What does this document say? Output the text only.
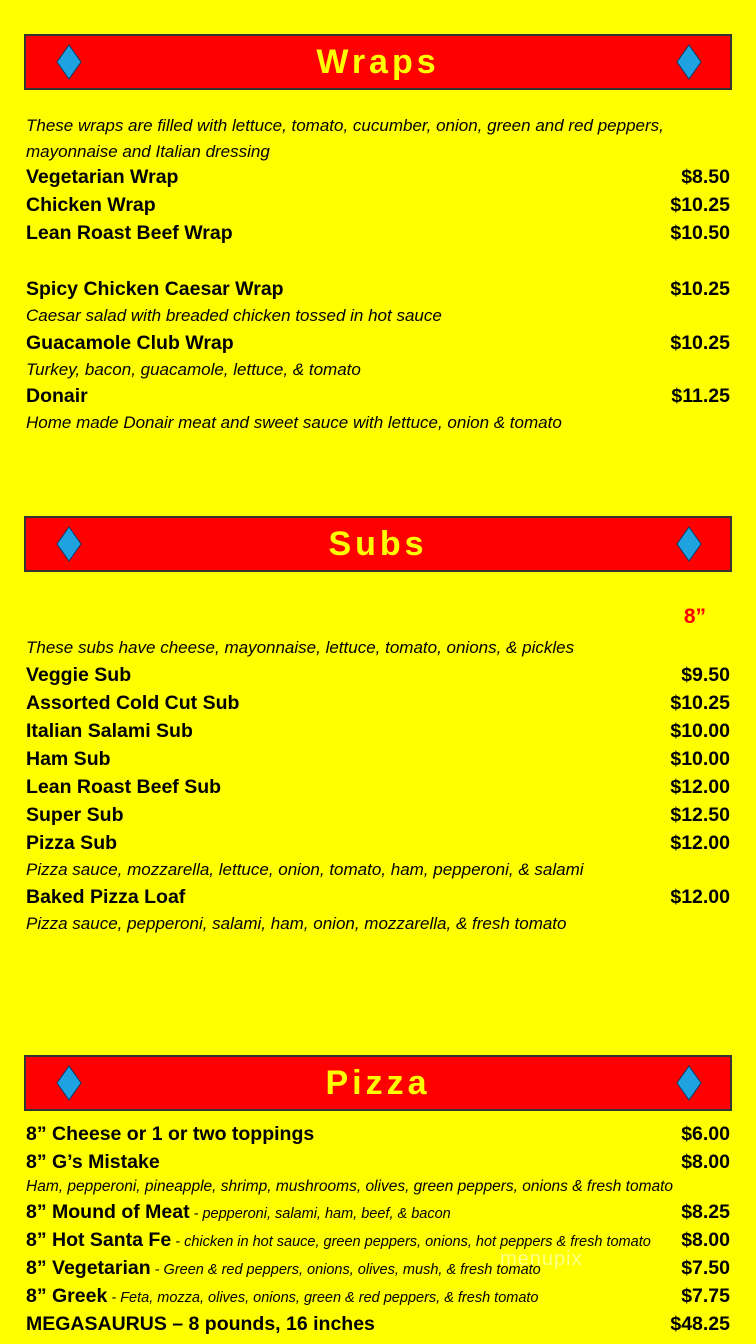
Wraps
These wraps are filled with lettuce, tomato, cucumber, onion, green and red peppers,
mayonnaise and Italian dressing
Vegetarian Wrap	$8.50
Chicken Wrap	$10.25
Lean Roast Beef Wrap	$10.50
Spicy Chicken Caesar Wrap	$10.25
Caesar salad with breaded chicken tossed in hot sauce
Guacamole Club Wrap	$10.25
Turkey, bacon, guacamole, lettuce, & tomato
Donair	$11.25
Home made Donair meat and sweet sauce with lettuce, onion & tomato
Subs
8”
These subs have cheese, mayonnaise, lettuce, tomato, onions, & pickles
Veggie Sub	$9.50
Assorted Cold Cut Sub	$10.25
Italian Salami Sub	$10.00
Ham Sub	$10.00
Lean Roast Beef Sub	$12.00
Super Sub	$12.50
Pizza Sub	$12.00
Pizza sauce, mozzarella, lettuce, onion, tomato, ham, pepperoni, & salami
Baked Pizza Loaf	$12.00
Pizza sauce, pepperoni, salami, ham, onion, mozzarella, & fresh tomato
Pizza
8” Cheese or 1 or two toppings	$6.00
8” G’s Mistake	$8.00
Ham, pepperoni, pineapple, shrimp, mushrooms, olives, green peppers, onions & fresh tomato
8” Mound of Meat - pepperoni, salami, ham, beef, & bacon	$8.25
8” Hot Santa Fe - chicken in hot sauce, green peppers, onions, hot peppers & fresh tomato $8.00
8” Vegetarian - Green & red peppers, onions, olives, mush, & fresh tomato	$7.50
8” Greek - Feta, mozza, olives, onions, green & red peppers, & fresh tomato	$7.75
MEGASAURUS – 8 pounds, 16 inches	$48.25
menupix
